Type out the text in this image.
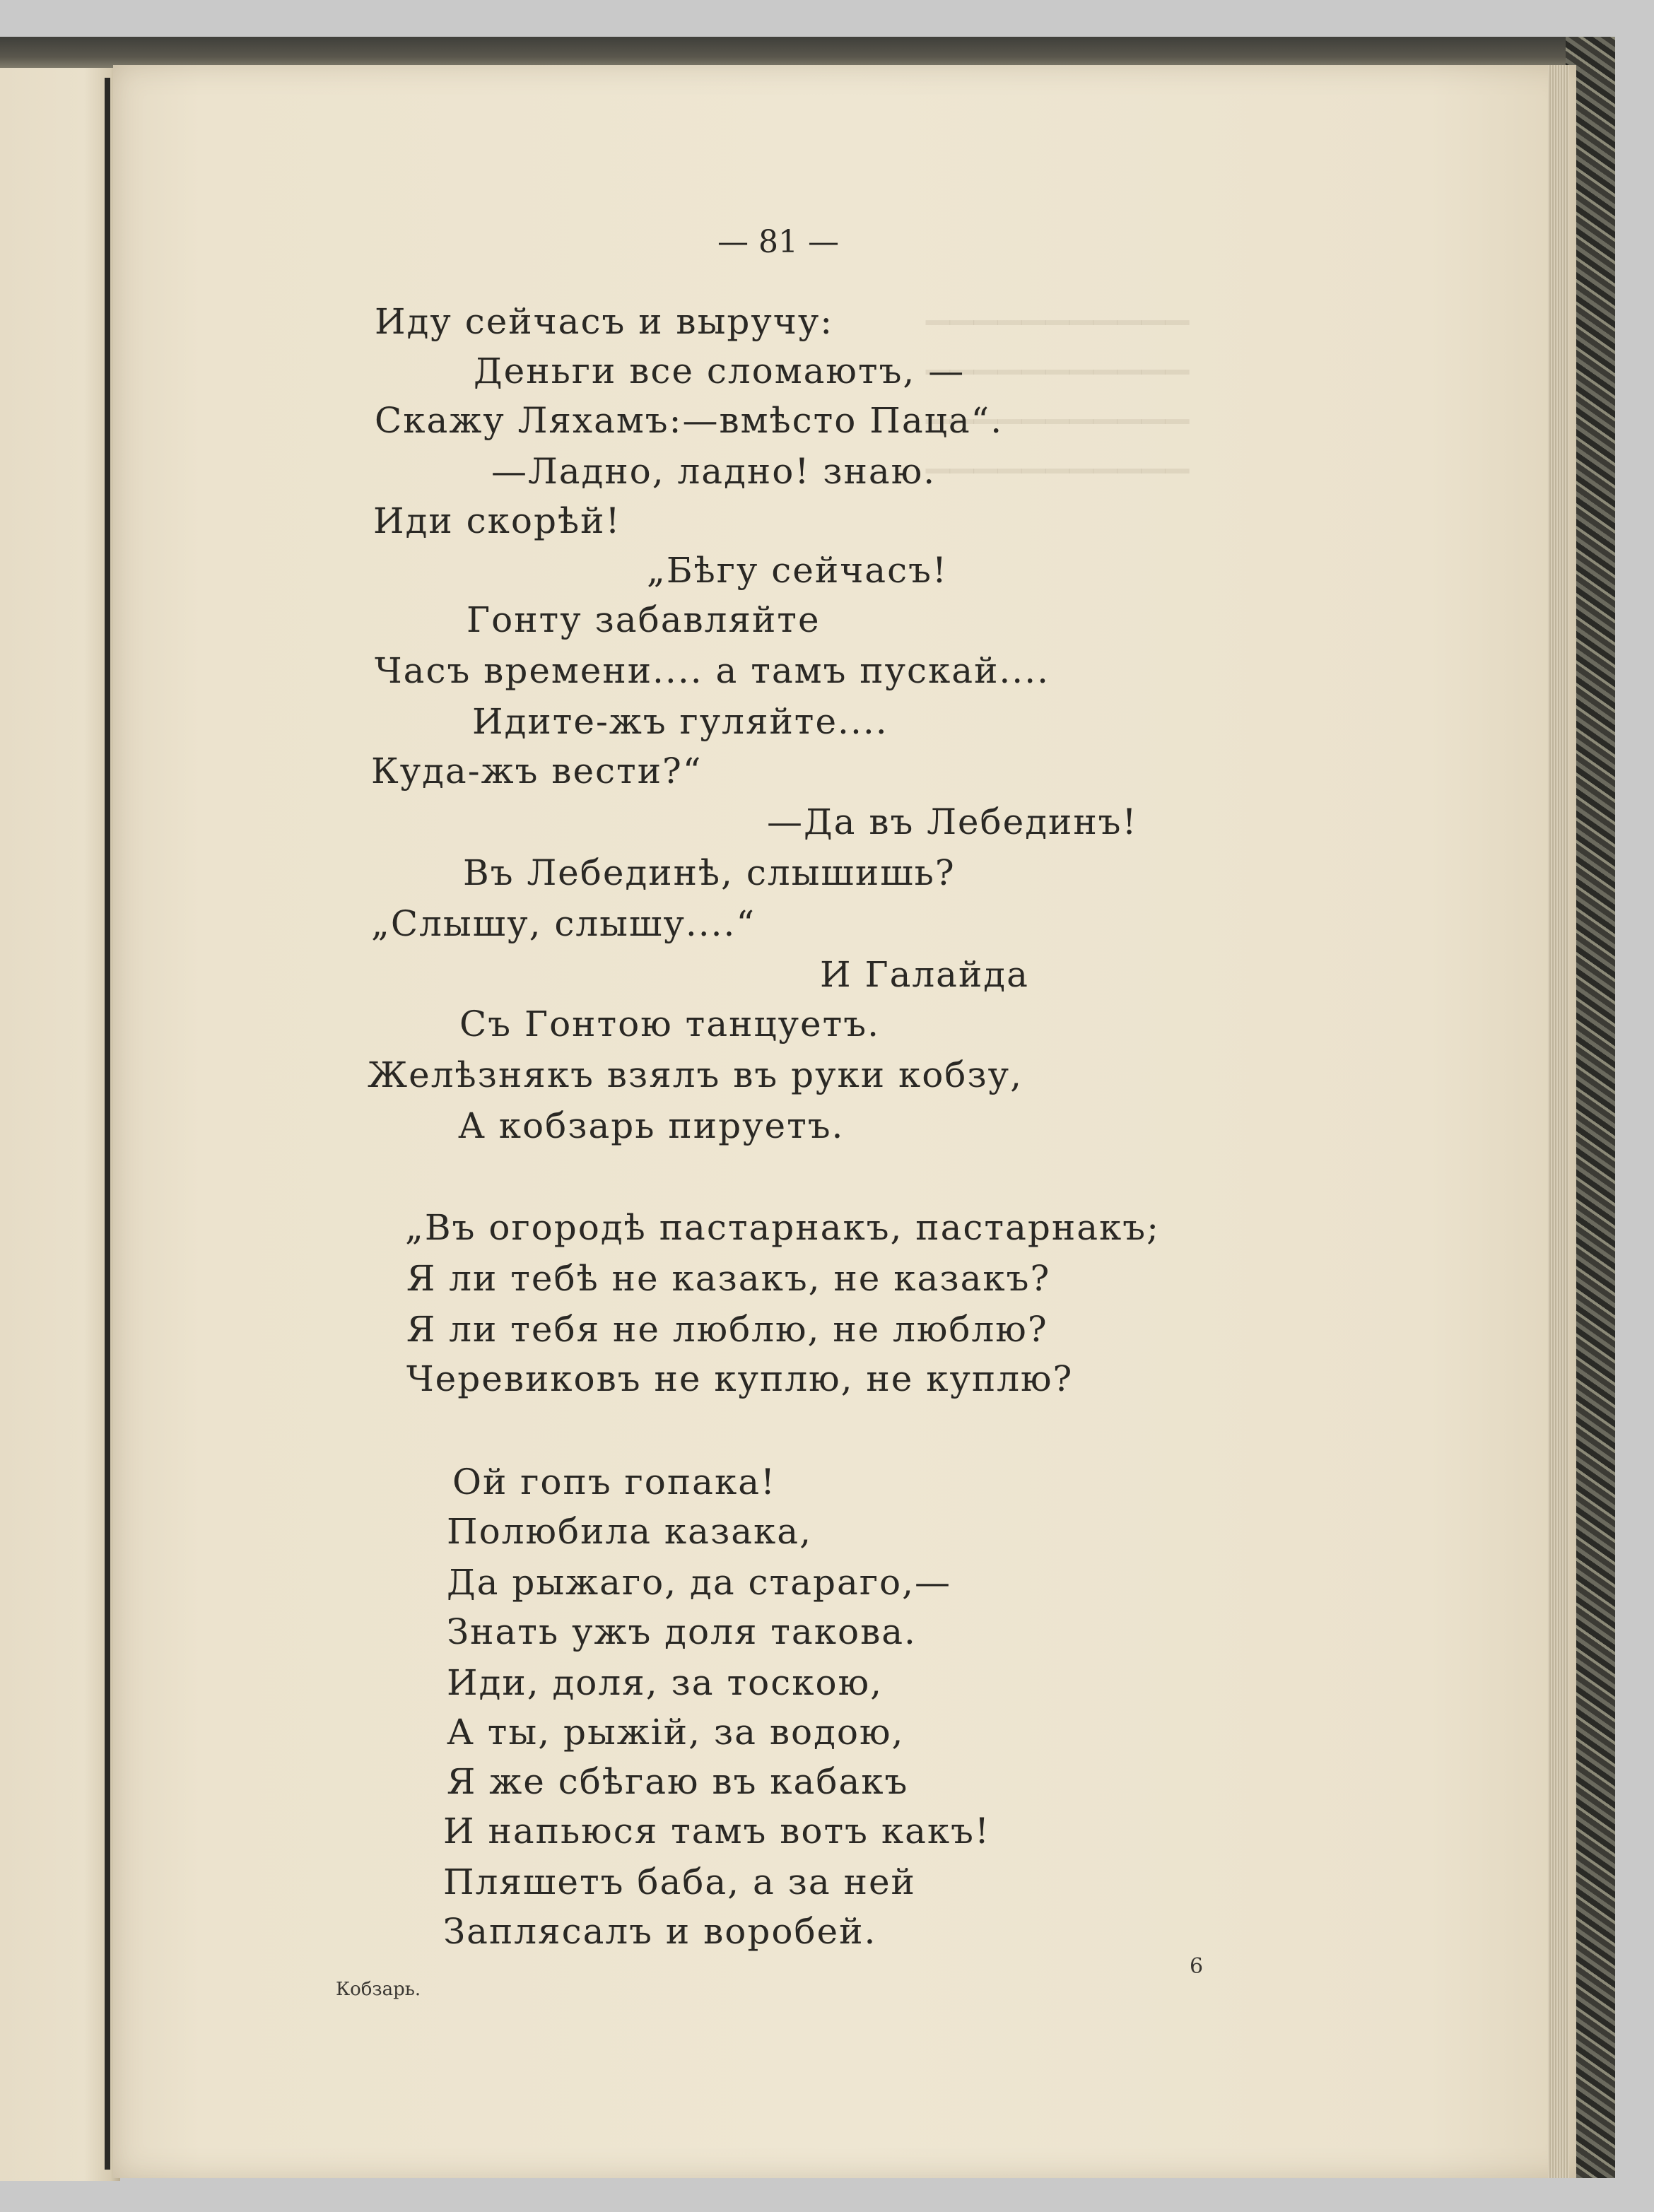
▁▁▁▁▁▁▁▁▁▁▁
▁▁▁▁▁▁▁▁▁▁▁
▁▁▁▁▁▁▁▁▁▁▁
▁▁▁▁▁▁▁▁▁▁▁
— 81 —
Иду сейчасъ и выручу:
Деньги все сломаютъ, —
Скажу Ляхамъ:—вмѣсто Паца“.
—Ладно, ладно! знаю.
Иди скорѣй!
„Бѣгу сейчасъ!
Гонту забавляйте
Часъ времени.... а тамъ пускай....
Идите-жъ гуляйте....
Куда-жъ вести?“
—Да въ Лебединъ!
Въ Лебединѣ, слышишь?
„Слышу, слышу....“
И Галайда
Съ Гонтою танцуетъ.
Желѣзнякъ взялъ въ руки кобзу,
А кобзарь пируетъ.
„Въ огородѣ пастарнакъ, пастарнакъ;
Я ли тебѣ не казакъ, не казакъ?
Я ли тебя не люблю, не люблю?
Черевиковъ не куплю, не куплю?
Ой гопъ гопака!
Полюбила казака,
Да рыжаго, да стараго,—
Знать ужъ доля такова.
Иди, доля, за тоскою,
А ты, рыжій, за водою,
Я же сбѣгаю въ кабакъ
И напьюся тамъ вотъ какъ!
Пляшетъ баба, а за ней
Заплясалъ и воробей.
Кобзарь.
6
